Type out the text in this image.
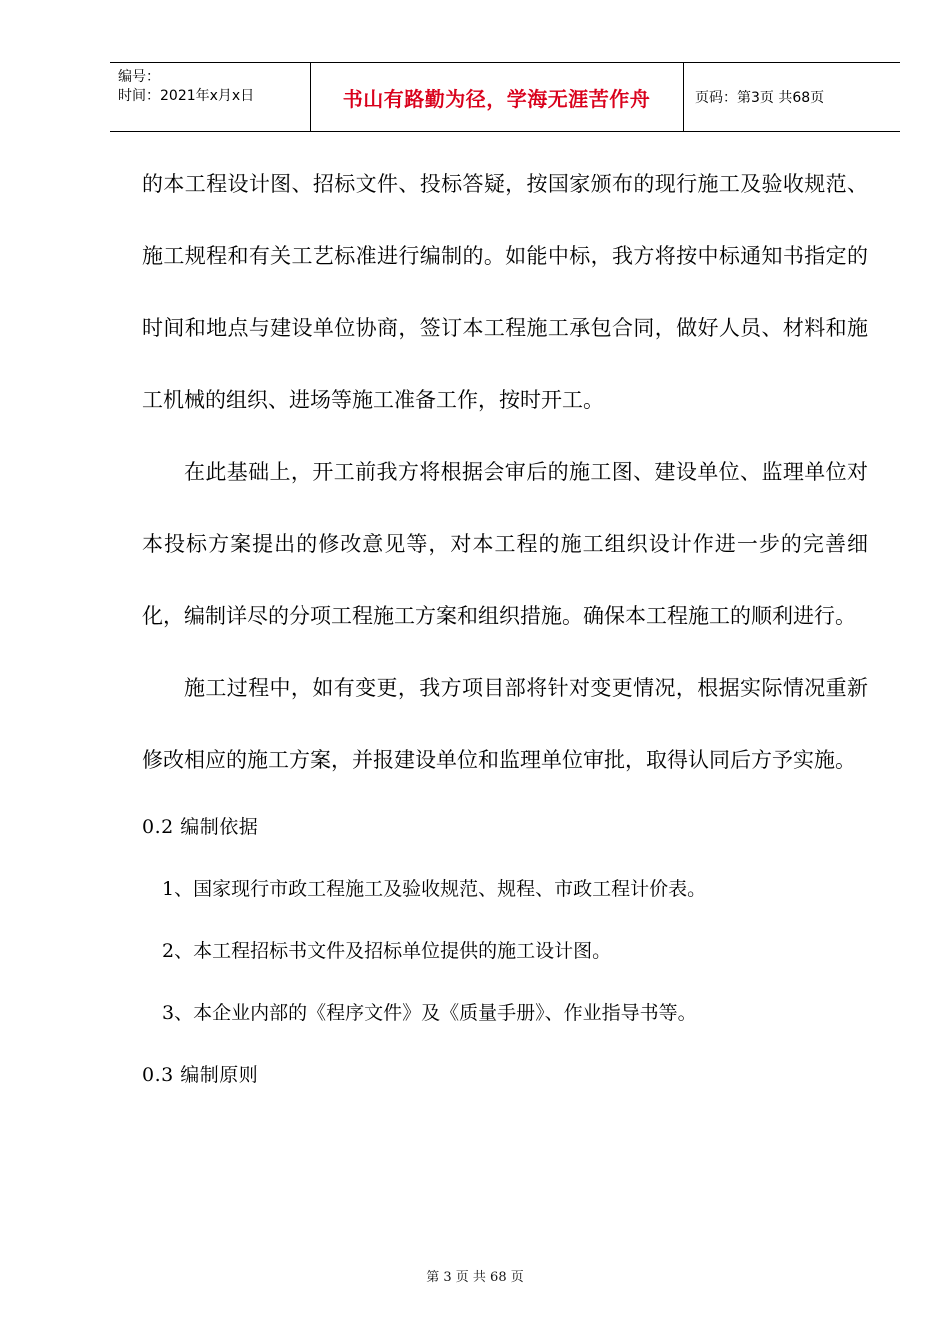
编号：
时间：2021年x月x日	书山有路勤为径，学海无涯苦作舟	页码：第3页 共68页

的本工程设计图、招标文件、投标答疑，按国家颁布的现行施工及验收规范、施工规程和有关工艺标准进行编制的。如能中标，我方将按中标通知书指定的时间和地点与建设单位协商，签订本工程施工承包合同，做好人员、材料和施工机械的组织、进场等施工准备工作，按时开工。

在此基础上，开工前我方将根据会审后的施工图、建设单位、监理单位对本投标方案提出的修改意见等，对本工程的施工组织设计作进一步的完善细化，编制详尽的分项工程施工方案和组织措施。确保本工程施工的顺利进行。

施工过程中，如有变更，我方项目部将针对变更情况，根据实际情况重新修改相应的施工方案，并报建设单位和监理单位审批，取得认同后方予实施。

0.2 编制依据

1、国家现行市政工程施工及验收规范、规程、市政工程计价表。

2、本工程招标书文件及招标单位提供的施工设计图。

3、本企业内部的《程序文件》及《质量手册》、作业指导书等。

0.3 编制原则

第 3 页 共 68 页
